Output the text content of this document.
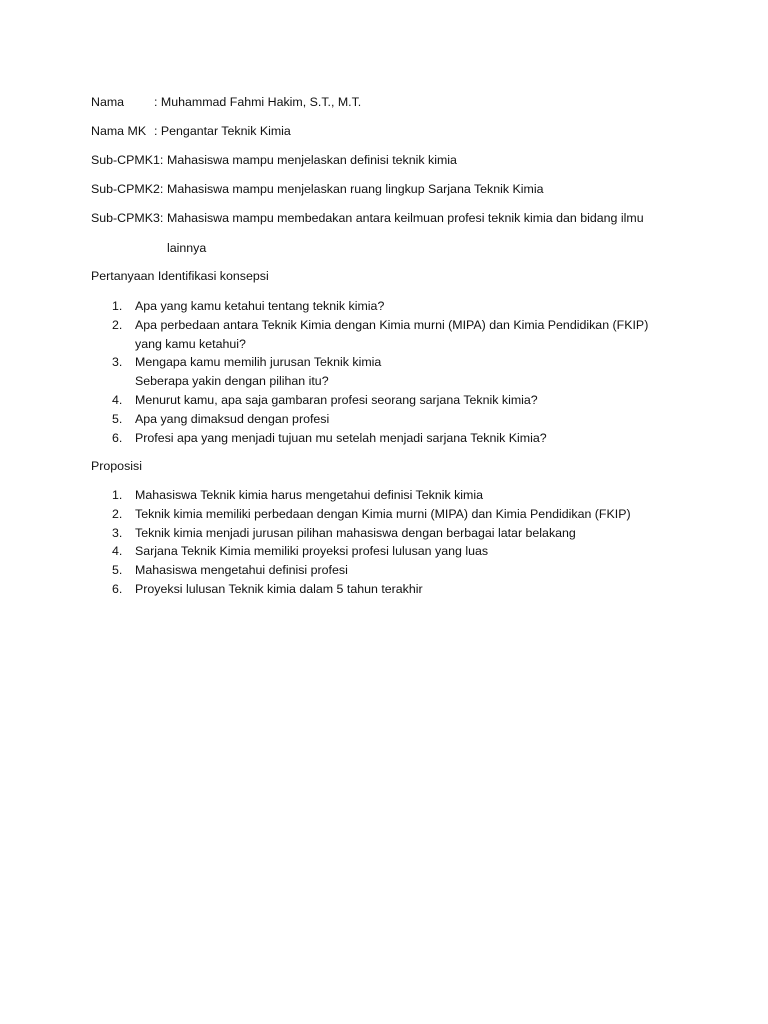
Nama : Muhammad Fahmi Hakim, S.T., M.T.
Nama MK : Pengantar Teknik Kimia
Sub-CPMK1: Mahasiswa mampu menjelaskan definisi teknik kimia
Sub-CPMK2: Mahasiswa mampu menjelaskan ruang lingkup Sarjana Teknik Kimia
Sub-CPMK3: Mahasiswa mampu membedakan antara keilmuan profesi teknik kimia dan bidang ilmu
lainnya
Pertanyaan Identifikasi konsepsi
1. Apa yang kamu ketahui tentang teknik kimia?
2. Apa perbedaan antara Teknik Kimia dengan Kimia murni (MIPA) dan Kimia Pendidikan (FKIP)
yang kamu ketahui?
3. Mengapa kamu memilih jurusan Teknik kimia
Seberapa yakin dengan pilihan itu?
4. Menurut kamu, apa saja gambaran profesi seorang sarjana Teknik kimia?
5. Apa yang dimaksud dengan profesi
6. Profesi apa yang menjadi tujuan mu setelah menjadi sarjana Teknik Kimia?
Proposisi
1. Mahasiswa Teknik kimia harus mengetahui definisi Teknik kimia
2. Teknik kimia memiliki perbedaan dengan Kimia murni (MIPA) dan Kimia Pendidikan (FKIP)
3. Teknik kimia menjadi jurusan pilihan mahasiswa dengan berbagai latar belakang
4. Sarjana Teknik Kimia memiliki proyeksi profesi lulusan yang luas
5. Mahasiswa mengetahui definisi profesi
6. Proyeksi lulusan Teknik kimia dalam 5 tahun terakhir
